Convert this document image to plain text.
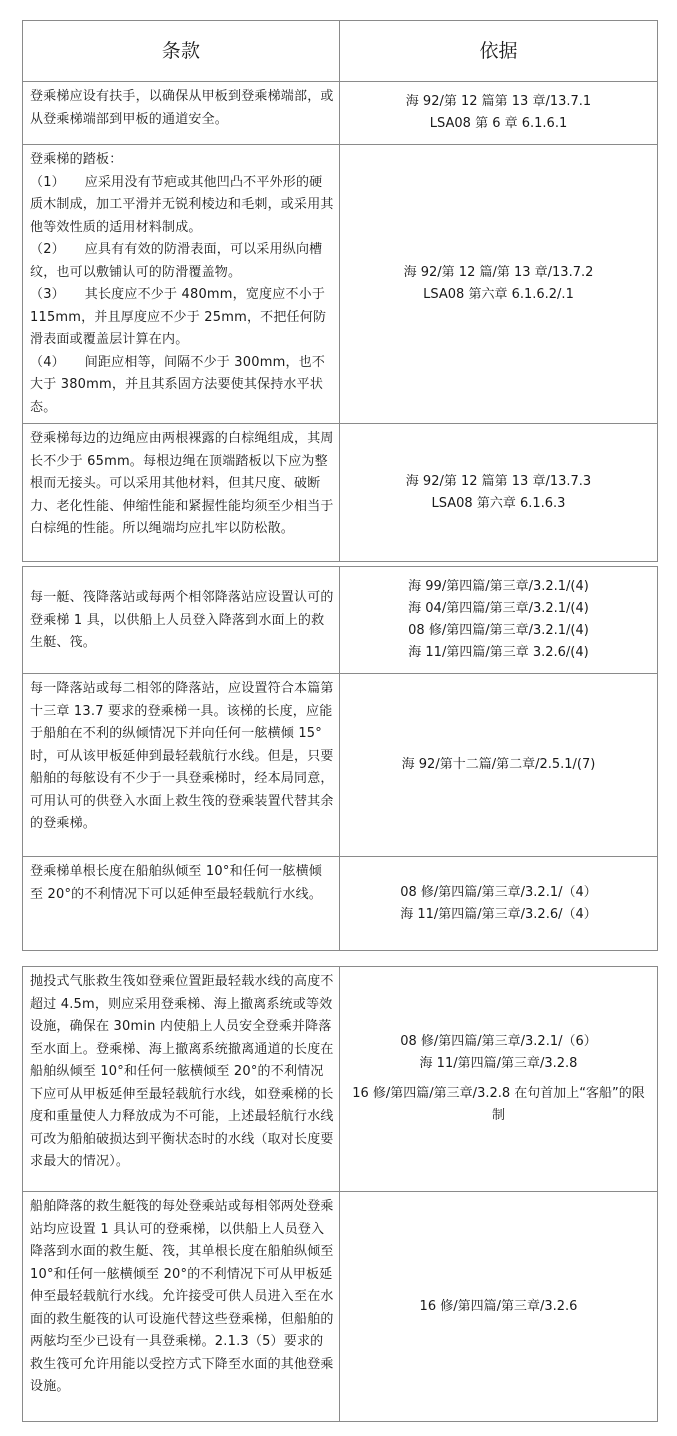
条款	依据

登乘梯应设有扶手，以确保从甲板到登乘梯端部，或从登乘梯端部到甲板的通道安全。

海 92/第 12 篇第 13 章/13.7.1
LSA08 第 6 章 6.1.6.1

登乘梯的踏板：

（1）　　应采用没有节疤或其他凹凸不平外形的硬质木制成，加工平滑并无锐利棱边和毛刺，或采用其他等效性质的适用材料制成。

（2）　　应具有有效的防滑表面，可以采用纵向槽纹，也可以敷铺认可的防滑覆盖物。

（3）　　其长度应不少于 480mm，宽度应不小于 115mm，并且厚度应不少于 25mm，不把任何防滑表面或覆盖层计算在内。

（4）　　间距应相等，间隔不少于 300mm，也不大于 380mm，并且其系固方法要使其保持水平状态。

海 92/第 12 篇/第 13 章/13.7.2
LSA08 第六章 6.1.6.2/.1

登乘梯每边的边绳应由两根裸露的白棕绳组成，其周长不少于 65mm。每根边绳在顶端踏板以下应为整根而无接头。可以采用其他材料，但其尺度、破断力、老化性能、伸缩性能和紧握性能均须至少相当于白棕绳的性能。所以绳端均应扎牢以防松散。

海 92/第 12 篇第 13 章/13.7.3
LSA08 第六章 6.1.6.3

每一艇、筏降落站或每两个相邻降落站应设置认可的登乘梯 1 具，以供船上人员登入降落到水面上的救生艇、筏。

海 99/第四篇/第三章/3.2.1/(4)
海 04/第四篇/第三章/3.2.1/(4)
08 修/第四篇/第三章/3.2.1/(4)
海 11/第四篇/第三章 3.2.6/(4)

每一降落站或每二相邻的降落站，应设置符合本篇第十三章 13.7 要求的登乘梯一具。该梯的长度，应能于船舶在不利的纵倾情况下并向任何一舷横倾 15°时，可从该甲板延伸到最轻载航行水线。但是，只要船舶的每舷设有不少于一具登乘梯时，经本局同意，可用认可的供登入水面上救生筏的登乘装置代替其余的登乘梯。

海 92/第十二篇/第二章/2.5.1/(7)

登乘梯单根长度在船舶纵倾至 10°和任何一舷横倾至 20°的不利情况下可以延伸至最轻载航行水线。	08 修/第四篇/第三章/3.2.1/（4）
海 11/第四篇/第三章/3.2.6/（4）

抛投式气胀救生筏如登乘位置距最轻载水线的高度不超过 4.5m，则应采用登乘梯、海上撤离系统或等效设施，确保在 30min 内使船上人员安全登乘并降落至水面上。登乘梯、海上撤离系统撤离通道的长度在船舶纵倾至 10°和任何一舷横倾至 20°的不利情况下应可从甲板延伸至最轻载航行水线，如登乘梯的长度和重量使人力释放成为不可能，上述最轻航行水线可改为船舶破损达到平衡状态时的水线（取对长度要求最大的情况）。

08 修/第四篇/第三章/3.2.1/（6）
海 11/第四篇/第三章/3.2.8
16 修/第四篇/第三章/3.2.8 在句首加上“客船”的限制

船舶降落的救生艇筏的每处登乘站或每相邻两处登乘站均应设置 1 具认可的登乘梯，以供船上人员登入降落到水面的救生艇、筏，其单根长度在船舶纵倾至 10°和任何一舷横倾至 20°的不利情况下可从甲板延伸至最轻载航行水线。允许接受可供人员进入至在水面的救生艇筏的认可设施代替这些登乘梯，但船舶的两舷均至少已设有一具登乘梯。2.1.3（5）要求的救生筏可允许用能以受控方式下降至水面的其他登乘设施。

16 修/第四篇/第三章/3.2.6
